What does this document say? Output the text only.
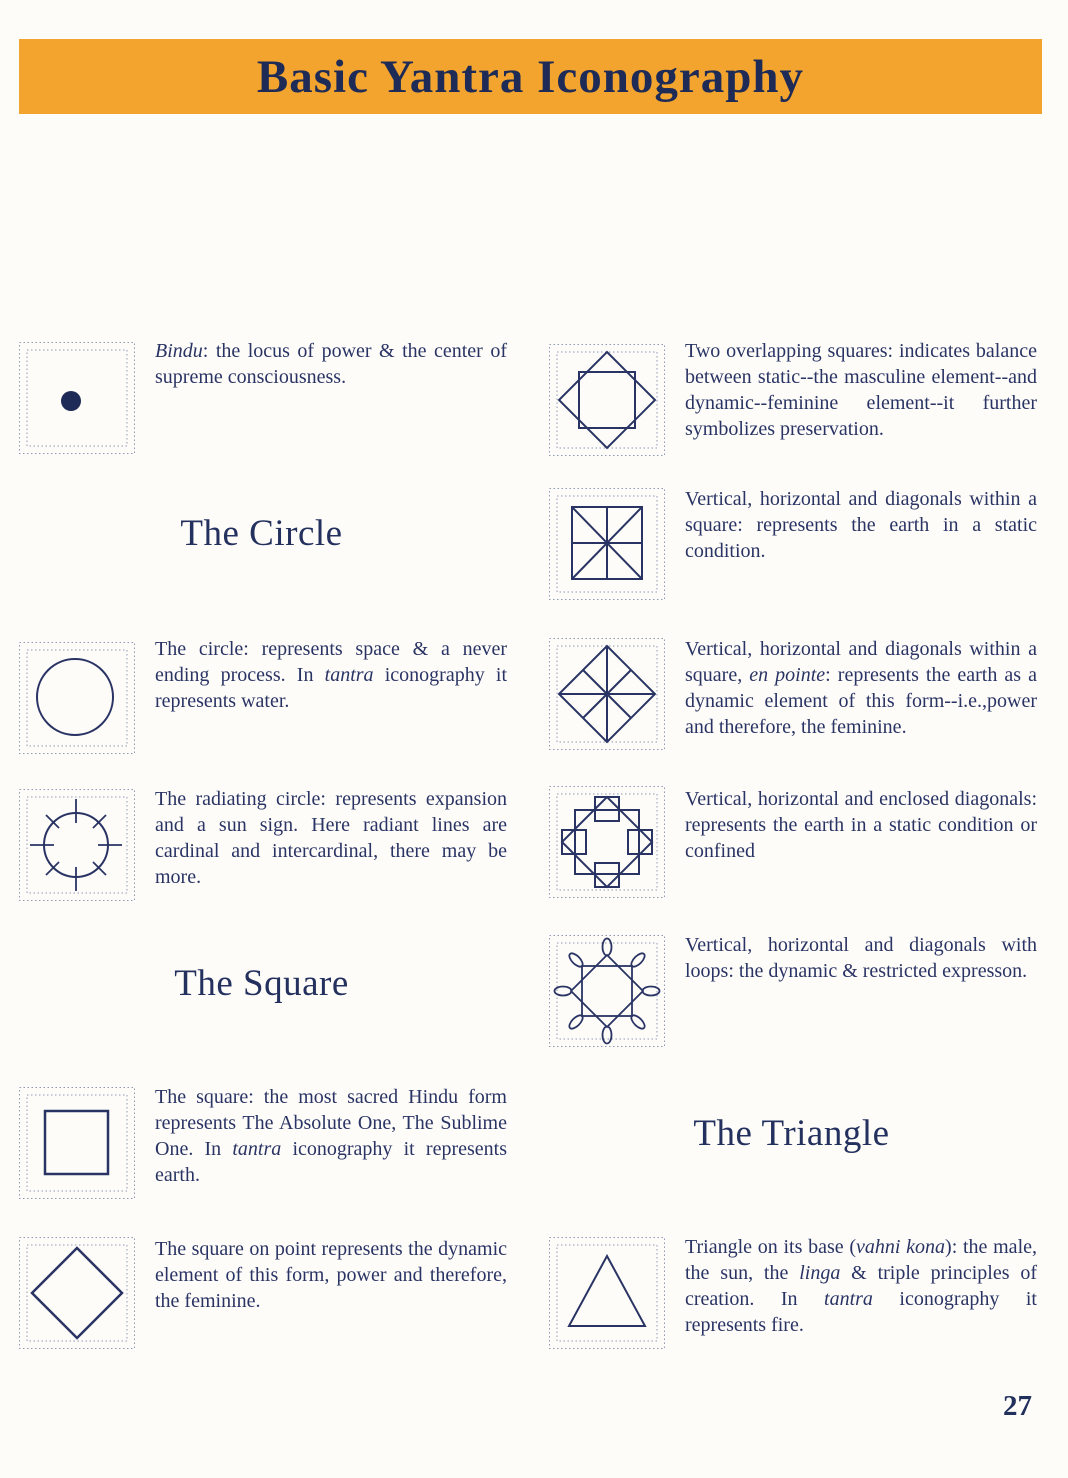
Basic Yantra Iconography
Bindu: the locus of power & the center of supreme consciousness.
The Circle
The circle: represents space & a never ending process. In tantra iconography it represents water.
The radiating circle: represents expansion and a sun sign. Here radiant lines are cardinal and intercardinal, there may be more.
The Square
The square: the most sacred Hindu form represents The Absolute One, The Sublime One. In tantra iconography it represents earth.
The square on point represents the dynamic element of this form, power and therefore, the feminine.
Two overlapping squares: indicates balance between static--the masculine element--and dynamic--feminine element--it further symbolizes preservation.
Vertical, horizontal and diagonals within a square: represents the earth in a static condition.
Vertical, horizontal and diagonals within a square, en pointe: represents the earth as a dynamic element of this form--i.e.,power and therefore, the feminine.
Vertical, horizontal and enclosed diagonals: represents the earth in a static condition or confined
Vertical, horizontal and diagonals with loops: the dynamic & restricted expresson.
The Triangle
Triangle on its base (vahni kona): the male, the sun, the linga & triple principles of creation. In tantra iconography it represents fire.
27
